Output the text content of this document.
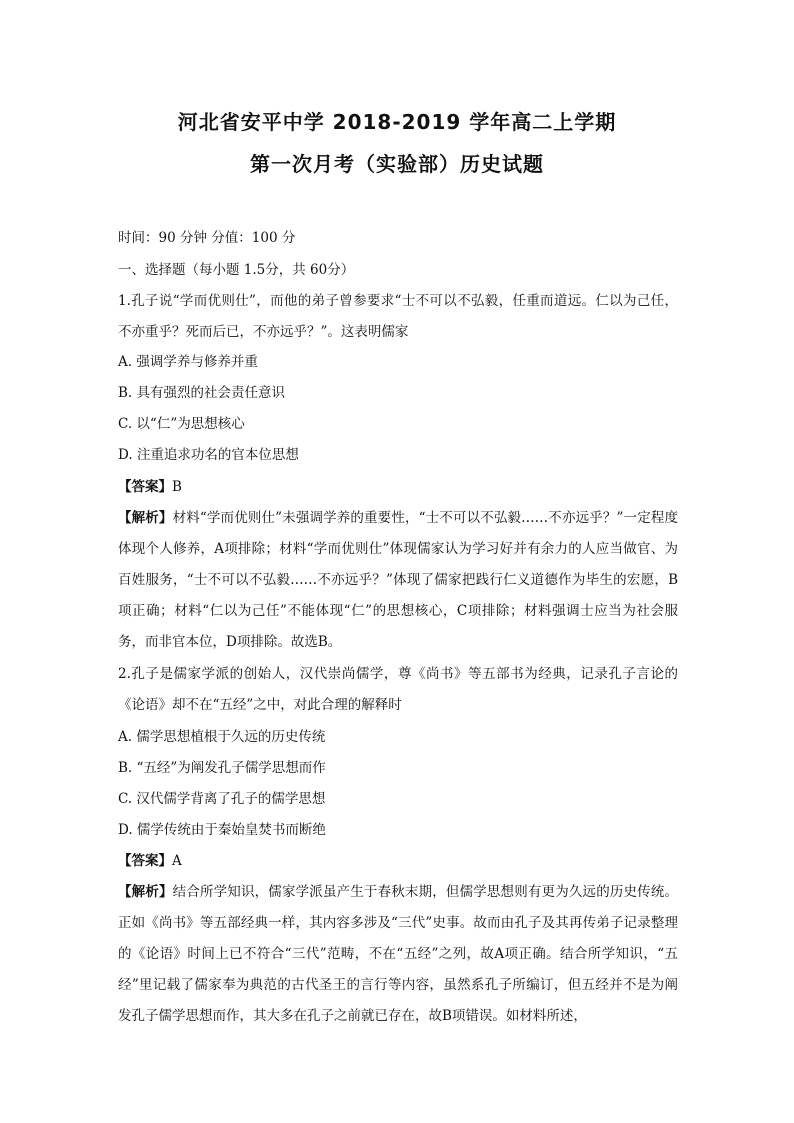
河北省安平中学 2018-2019 学年高二上学期
第一次月考（实验部）历史试题
时间：90 分钟 分值：100 分
一、选择题（每小题 1.5分，共 60分）
1.孔子说“学而优则仕”，而他的弟子曾参要求“士不可以不弘毅，任重而道远。仁以为己任，不亦重乎？死而后已，不亦远乎？”。这表明儒家
A. 强调学养与修养并重
B. 具有强烈的社会责任意识
C. 以“仁”为思想核心
D. 注重追求功名的官本位思想
【答案】B
【解析】材料“学而优则仕”未强调学养的重要性，“士不可以不弘毅……不亦远乎？”一定程度体现个人修养，A项排除；材料“学而优则仕”体现儒家认为学习好并有余力的人应当做官、为百姓服务，“士不可以不弘毅……不亦远乎？”体现了儒家把践行仁义道德作为毕生的宏愿，B项正确；材料“仁以为己任”不能体现“仁”的思想核心，C项排除；材料强调士应当为社会服务，而非官本位，D项排除。故选B。
2.孔子是儒家学派的创始人，汉代崇尚儒学，尊《尚书》等五部书为经典，记录孔子言论的《论语》却不在“五经”之中，对此合理的解释时
A. 儒学思想植根于久远的历史传统
B. “五经”为阐发孔子儒学思想而作
C. 汉代儒学背离了孔子的儒学思想
D. 儒学传统由于秦始皇焚书而断绝
【答案】A
【解析】结合所学知识，儒家学派虽产生于春秋末期，但儒学思想则有更为久远的历史传统。正如《尚书》等五部经典一样，其内容多涉及“三代”史事。故而由孔子及其再传弟子记录整理的《论语》时间上已不符合“三代”范畴，不在“五经”之列，故A项正确。结合所学知识，“五经”里记载了儒家奉为典范的古代圣王的言行等内容，虽然系孔子所编订，但五经并不是为阐发孔子儒学思想而作，其大多在孔子之前就已存在，故B项错误。如材料所述，
